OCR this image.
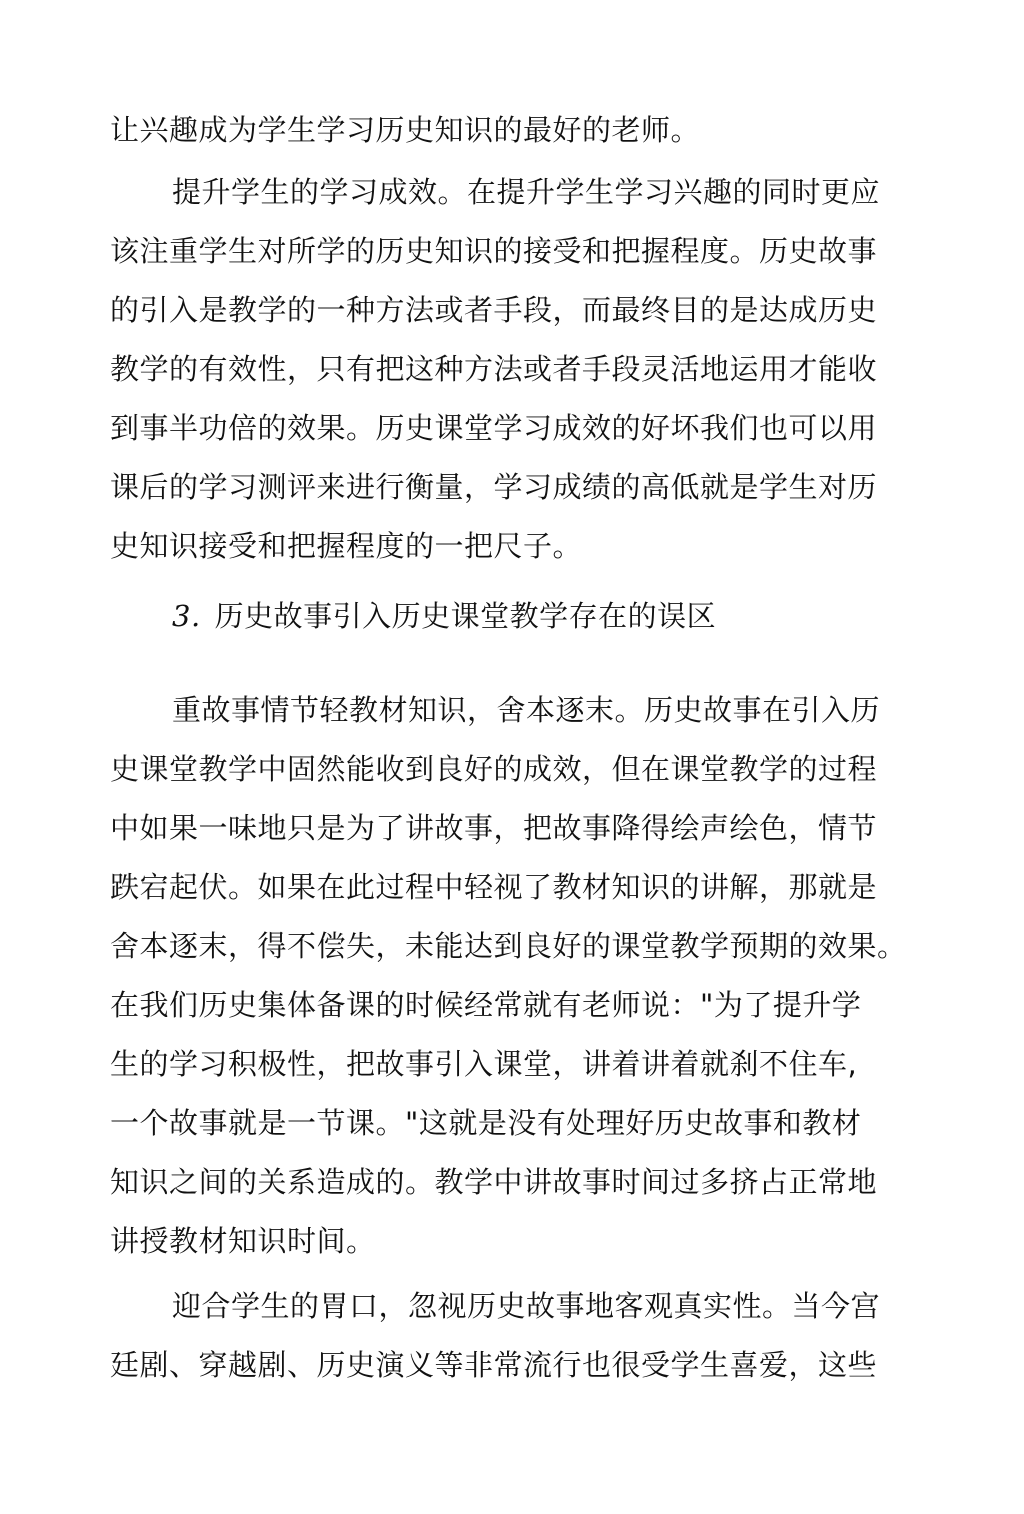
让兴趣成为学生学习历史知识的最好的老师。
提升学生的学习成效。在提升学生学习兴趣的同时更应
该注重学生对所学的历史知识的接受和把握程度。历史故事
的引入是教学的一种方法或者手段，而最终目的是达成历史
教学的有效性，只有把这种方法或者手段灵活地运用才能收
到事半功倍的效果。历史课堂学习成效的好坏我们也可以用
课后的学习测评来进行衡量，学习成绩的高低就是学生对历
史知识接受和把握程度的一把尺子。
3. 历史故事引入历史课堂教学存在的误区
重故事情节轻教材知识，舍本逐末。历史故事在引入历
史课堂教学中固然能收到良好的成效，但在课堂教学的过程
中如果一味地只是为了讲故事，把故事降得绘声绘色，情节
跌宕起伏。如果在此过程中轻视了教材知识的讲解，那就是
舍本逐末，得不偿失，未能达到良好的课堂教学预期的效果。
在我们历史集体备课的时候经常就有老师说："为了提升学
生的学习积极性，把故事引入课堂，讲着讲着就刹不住车,
一个故事就是一节课。"这就是没有处理好历史故事和教材
知识之间的关系造成的。教学中讲故事时间过多挤占正常地
讲授教材知识时间。
迎合学生的胃口，忽视历史故事地客观真实性。当今宫
廷剧、穿越剧、历史演义等非常流行也很受学生喜爱，这些
